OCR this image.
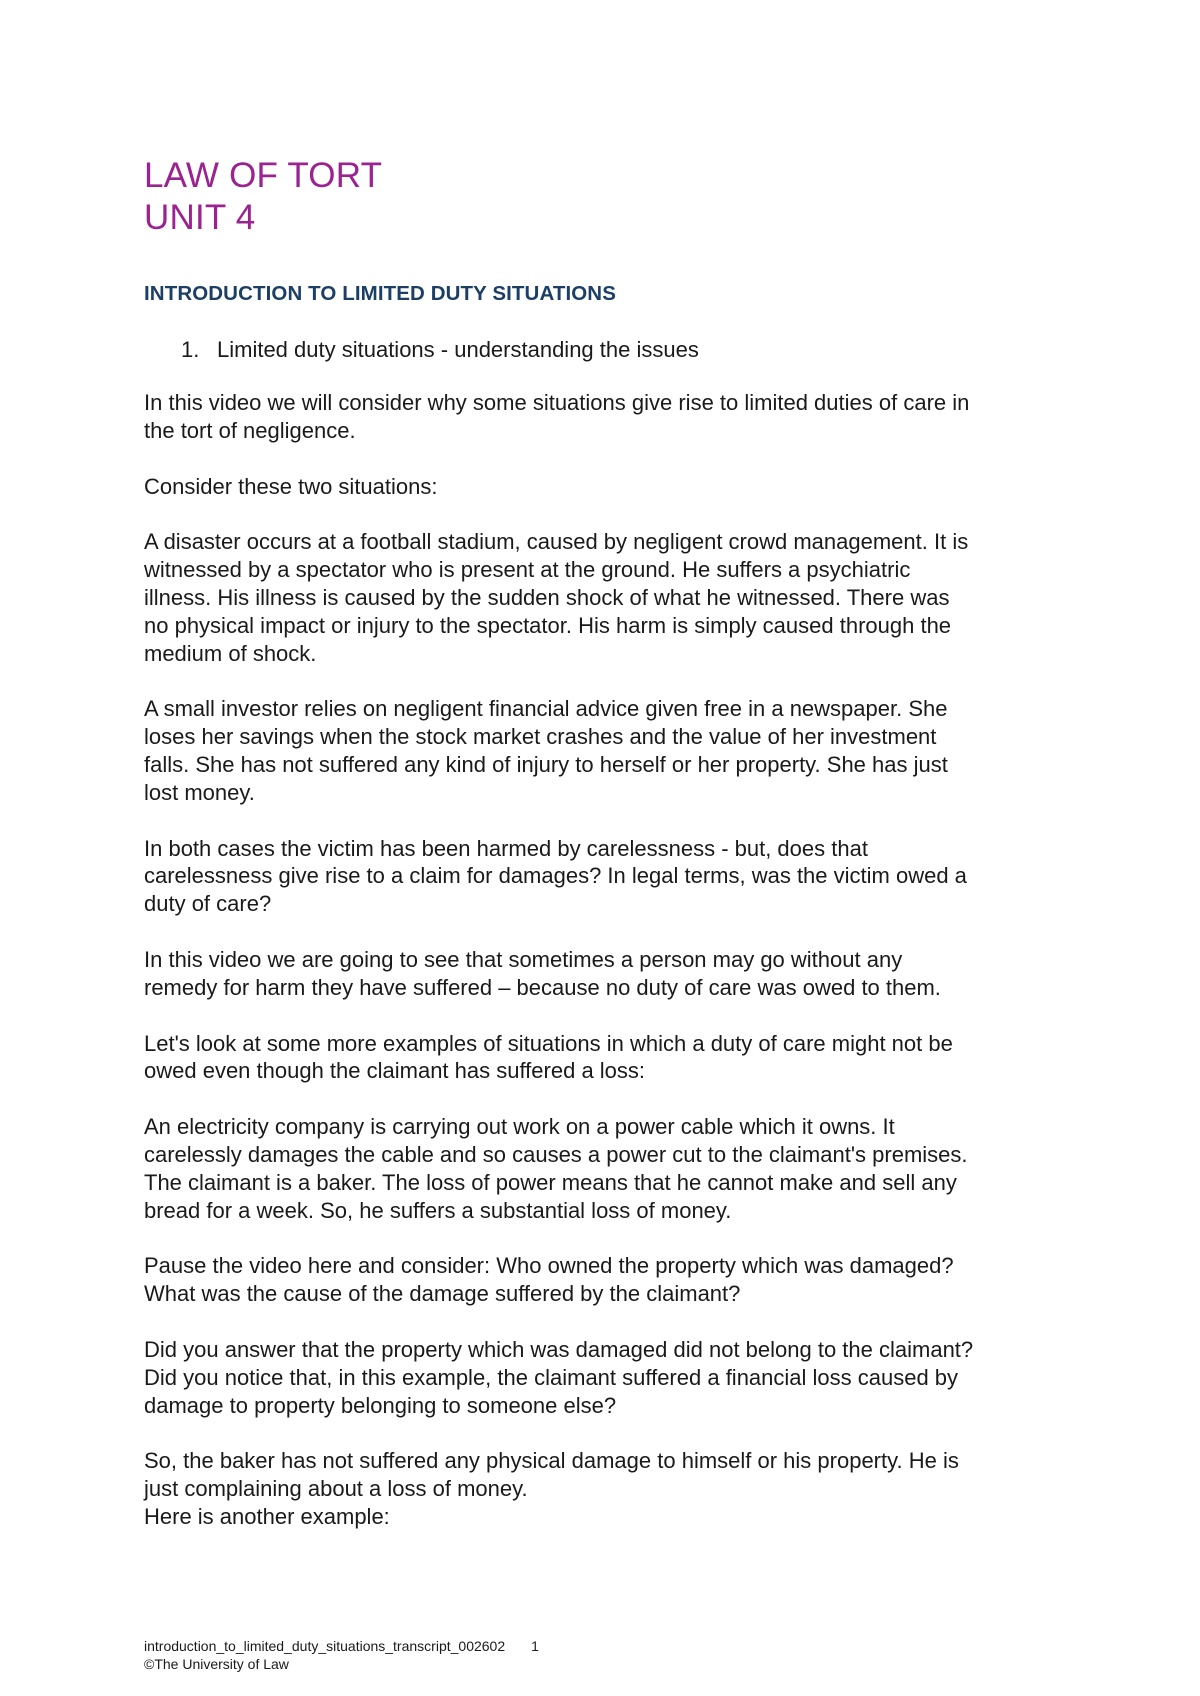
LAW OF TORT
UNIT 4
INTRODUCTION TO LIMITED DUTY SITUATIONS
1. Limited duty situations - understanding the issues

In this video we will consider why some situations give rise to limited duties of care in
the tort of negligence.

Consider these two situations:

A disaster occurs at a football stadium, caused by negligent crowd management. It is
witnessed by a spectator who is present at the ground. He suffers a psychiatric
illness. His illness is caused by the sudden shock of what he witnessed. There was
no physical impact or injury to the spectator. His harm is simply caused through the
medium of shock.

A small investor relies on negligent financial advice given free in a newspaper. She
loses her savings when the stock market crashes and the value of her investment
falls. She has not suffered any kind of injury to herself or her property. She has just
lost money.

In both cases the victim has been harmed by carelessness - but, does that
carelessness give rise to a claim for damages? In legal terms, was the victim owed a
duty of care?

In this video we are going to see that sometimes a person may go without any
remedy for harm they have suffered – because no duty of care was owed to them.

Let's look at some more examples of situations in which a duty of care might not be
owed even though the claimant has suffered a loss:

An electricity company is carrying out work on a power cable which it owns. It
carelessly damages the cable and so causes a power cut to the claimant's premises.
The claimant is a baker. The loss of power means that he cannot make and sell any
bread for a week. So, he suffers a substantial loss of money.

Pause the video here and consider: Who owned the property which was damaged?
What was the cause of the damage suffered by the claimant?

Did you answer that the property which was damaged did not belong to the claimant?
Did you notice that, in this example, the claimant suffered a financial loss caused by
damage to property belonging to someone else?

So, the baker has not suffered any physical damage to himself or his property. He is
just complaining about a loss of money.

Here is another example:

introduction_to_limited_duty_situations_transcript_002602 1
©The University of Law
